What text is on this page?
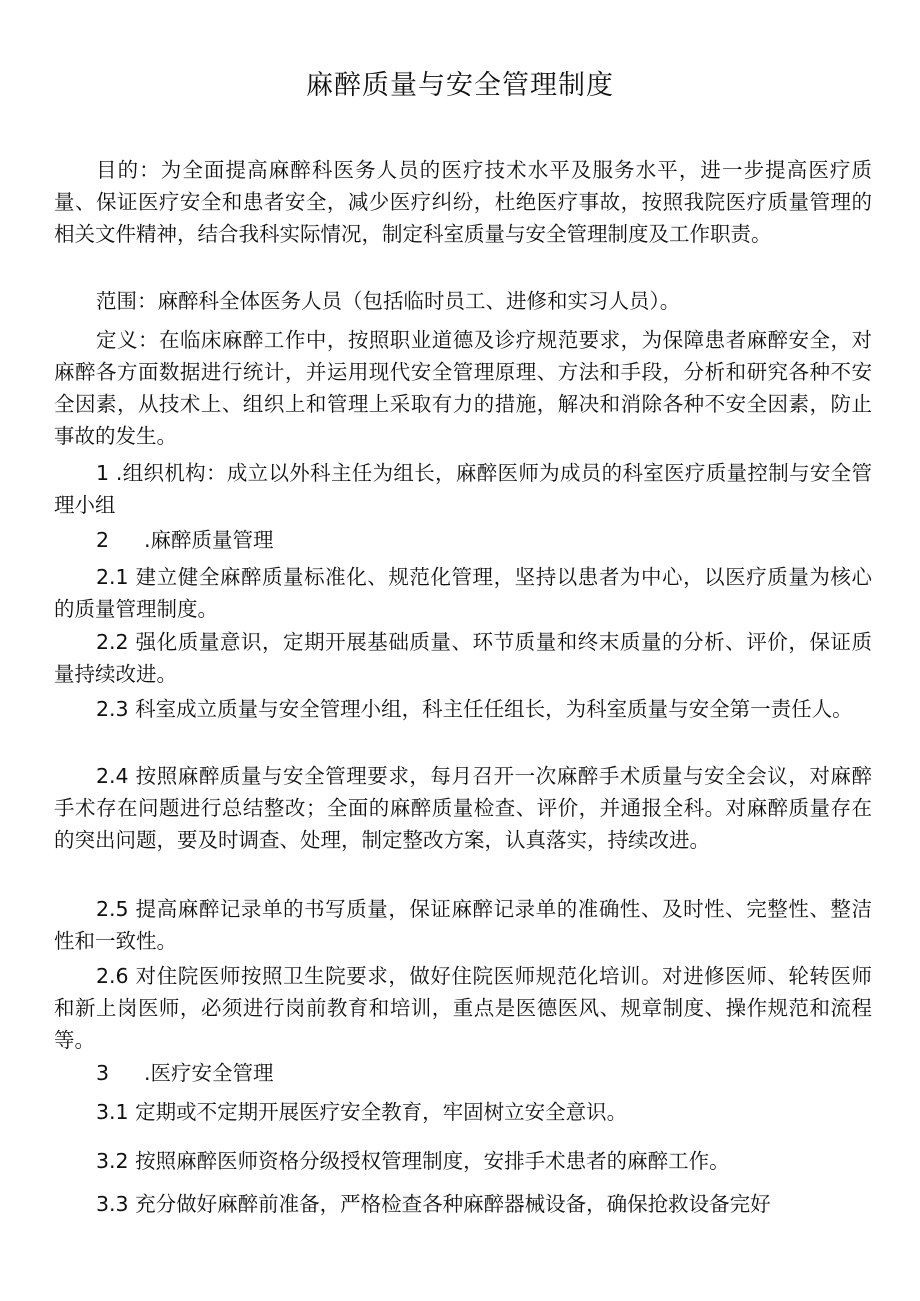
麻醉质量与安全管理制度

目的：为全面提高麻醉科医务人员的医疗技术水平及服务水平，进一步提高医疗质量、保证医疗安全和患者安全，减少医疗纠纷，杜绝医疗事故，按照我院医疗质量管理的相关文件精神，结合我科实际情况，制定科室质量与安全管理制度及工作职责。

范围：麻醉科全体医务人员（包括临时员工、进修和实习人员）。

定义：在临床麻醉工作中，按照职业道德及诊疗规范要求，为保障患者麻醉安全，对麻醉各方面数据进行统计，并运用现代安全管理原理、方法和手段，分析和研究各种不安全因素，从技术上、组织上和管理上采取有力的措施，解决和消除各种不安全因素，防止事故的发生。

1 .组织机构：成立以外科主任为组长，麻醉医师为成员的科室医疗质量控制与安全管理小组

2 .麻醉质量管理

2.1 建立健全麻醉质量标准化、规范化管理，坚持以患者为中心，以医疗质量为核心的质量管理制度。

2.2 强化质量意识，定期开展基础质量、环节质量和终末质量的分析、评价，保证质量持续改进。

2.3 科室成立质量与安全管理小组，科主任任组长，为科室质量与安全第一责任人。

2.4 按照麻醉质量与安全管理要求，每月召开一次麻醉手术质量与安全会议，对麻醉手术存在问题进行总结整改；全面的麻醉质量检查、评价，并通报全科。对麻醉质量存在的突出问题，要及时调查、处理，制定整改方案，认真落实，持续改进。

2.5 提高麻醉记录单的书写质量，保证麻醉记录单的准确性、及时性、完整性、整洁性和一致性。

2.6 对住院医师按照卫生院要求，做好住院医师规范化培训。对进修医师、轮转医师和新上岗医师，必须进行岗前教育和培训，重点是医德医风、规章制度、操作规范和流程等。

3 .医疗安全管理

3.1 定期或不定期开展医疗安全教育，牢固树立安全意识。

3.2 按照麻醉医师资格分级授权管理制度，安排手术患者的麻醉工作。

3.3 充分做好麻醉前准备，严格检查各种麻醉器械设备，确保抢救设备完好
